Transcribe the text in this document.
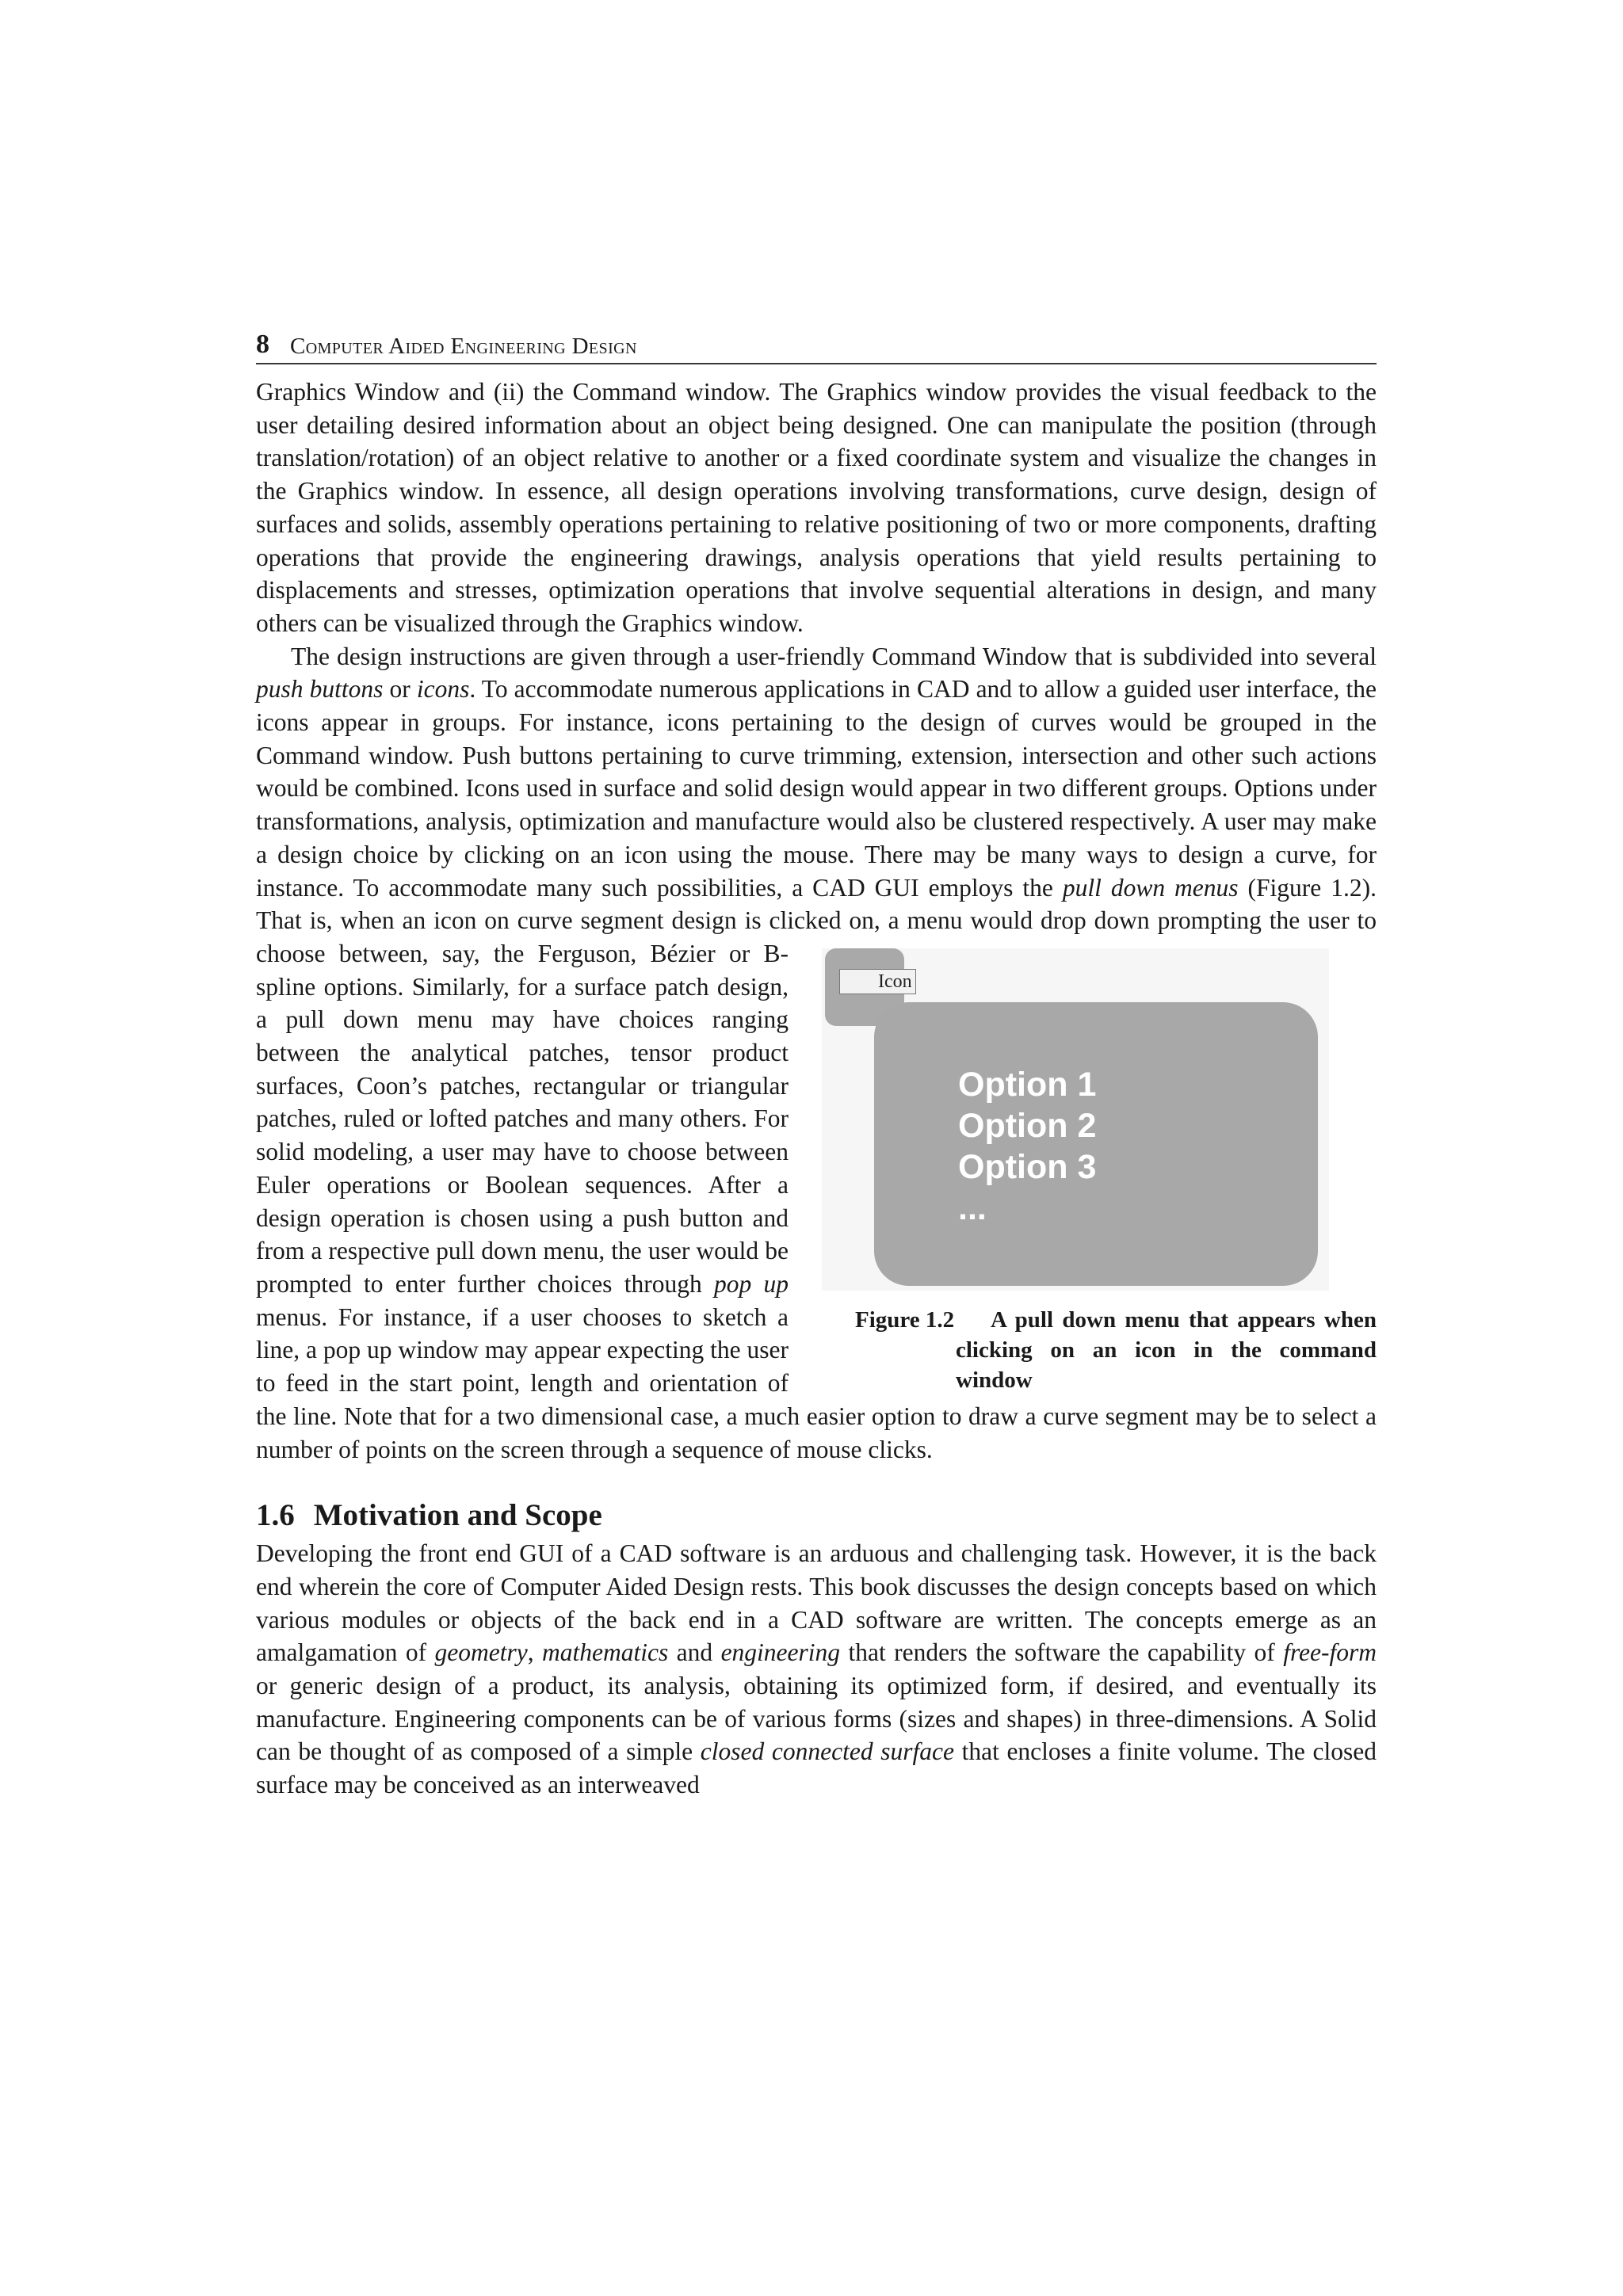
8 Computer Aided Engineering Design

Graphics Window and (ii) the Command window. The Graphics window provides the visual feedback to the user detailing desired information about an object being designed. One can manipulate the position (through translation/rotation) of an object relative to another or a fixed coordinate system and visualize the changes in the Graphics window. In essence, all design operations involving transformations, curve design, design of surfaces and solids, assembly operations pertaining to relative positioning of two or more components, drafting operations that provide the engineering drawings, analysis operations that yield results pertaining to displacements and stresses, optimization operations that involve sequential alterations in design, and many others can be visualized through the Graphics window.

The design instructions are given through a user-friendly Command Window that is subdivided into several push buttons or icons. To accommodate numerous applications in CAD and to allow a guided user interface, the icons appear in groups. For instance, icons pertaining to the design of curves would be grouped in the Command window. Push buttons pertaining to curve trimming, extension, intersection and other such actions would be combined. Icons used in surface and solid design would appear in two different groups. Options under transformations, analysis, optimization and manufacture would also be clustered respectively. A user may make a design choice by clicking on an icon using the mouse. There may be many ways to design a curve, for instance. To accommodate many such possibilities, a CAD GUI employs the pull down menus (Figure 1.2). That is, when an icon on curve segment design is clicked on, a menu would drop down prompting the user to choose
Icon
Option 1
Option 2
Option 3
...
Figure 1.2	A pull down menu that appears when clicking on an icon in the command window
between, say, the Ferguson, Bézier or B-spline options. Similarly, for a surface patch design, a pull down menu may have choices ranging between the analytical patches, tensor product surfaces, Coon’s patches, rectangular or triangular patches, ruled or lofted patches and many others. For solid modeling, a user may have to choose between Euler operations or Boolean sequences. After a design operation is chosen using a push button and from a respective pull down menu, the user would be prompted to enter further choices through pop up menus. For instance, if a user chooses to sketch a line, a pop up window may appear expecting the user to feed in the start point, length and orientation of the line. Note that for a two dimensional case, a much easier option to draw a curve segment may be to select a number of points on the screen through a sequence of mouse clicks.

1.6 Motivation and Scope

Developing the front end GUI of a CAD software is an arduous and challenging task. However, it is the back end wherein the core of Computer Aided Design rests. This book discusses the design concepts based on which various modules or objects of the back end in a CAD software are written. The concepts emerge as an amalgamation of geometry, mathematics and engineering that renders the software the capability of free-form or generic design of a product, its analysis, obtaining its optimized form, if desired, and eventually its manufacture. Engineering components can be of various forms (sizes and shapes) in three-dimensions. A Solid can be thought of as composed of a simple closed connected surface that encloses a finite volume. The closed surface may be conceived as an interweaved
